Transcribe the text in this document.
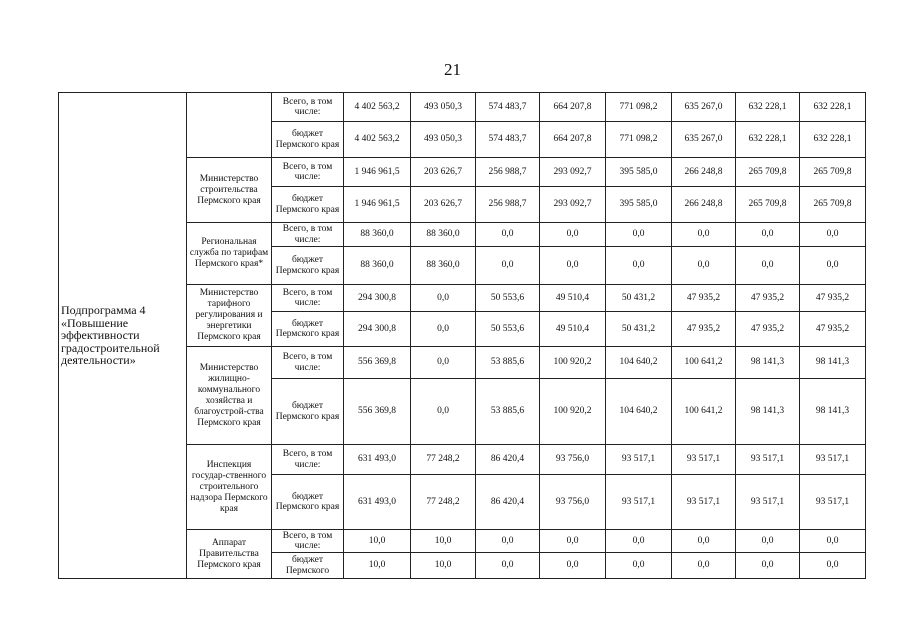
21
Подпрограмма 4 «Повышение эффективности градостроительной деятельности»		Всего, в том числе:	4 402 563,2	493 050,3	574 483,7	664 207,8	771 098,2	635 267,0	632 228,1	632 228,1
		бюджет Пермского края	4 402 563,2	493 050,3	574 483,7	664 207,8	771 098,2	635 267,0	632 228,1	632 228,1
	Министерство строительства Пермского края	Всего, в том числе:	1 946 961,5	203 626,7	256 988,7	293 092,7	395 585,0	266 248,8	265 709,8	265 709,8
		бюджет Пермского края	1 946 961,5	203 626,7	256 988,7	293 092,7	395 585,0	266 248,8	265 709,8	265 709,8
	Региональная служба по тарифам Пермского края*	Всего, в том числе:	88 360,0	88 360,0	0,0	0,0	0,0	0,0	0,0	0,0
		бюджет Пермского края	88 360,0	88 360,0	0,0	0,0	0,0	0,0	0,0	0,0
	Министерство тарифного регулирования и энергетики Пермского края	Всего, в том числе:	294 300,8	0,0	50 553,6	49 510,4	50 431,2	47 935,2	47 935,2	47 935,2
		бюджет Пермского края	294 300,8	0,0	50 553,6	49 510,4	50 431,2	47 935,2	47 935,2	47 935,2
	Министерство жилищно-коммунального хозяйства и благоустрой-ства Пермского края	Всего, в том числе:	556 369,8	0,0	53 885,6	100 920,2	104 640,2	100 641,2	98 141,3	98 141,3
		бюджет Пермского края	556 369,8	0,0	53 885,6	100 920,2	104 640,2	100 641,2	98 141,3	98 141,3
	Инспекция государ-ственного строительного надзора Пермского края	Всего, в том числе:	631 493,0	77 248,2	86 420,4	93 756,0	93 517,1	93 517,1	93 517,1	93 517,1
		бюджет Пермского края	631 493,0	77 248,2	86 420,4	93 756,0	93 517,1	93 517,1	93 517,1	93 517,1
	Аппарат Правительства Пермского края	Всего, в том числе:	10,0	10,0	0,0	0,0	0,0	0,0	0,0	0,0
		бюджет Пермского	10,0	10,0	0,0	0,0	0,0	0,0	0,0	0,0
